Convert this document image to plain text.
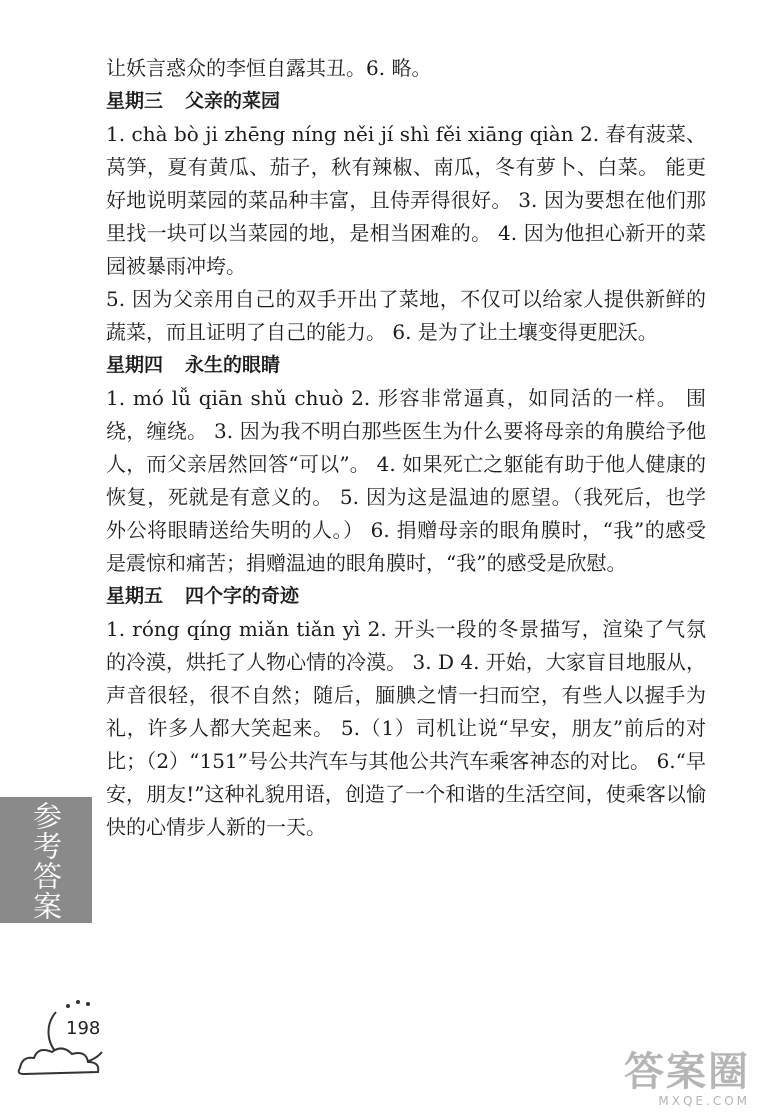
让妖言惑众的李恒自露其丑。6. 略。

星期三 父亲的菜园

1. chà bò ji zhēng níng něi jí shì fěi xiāng qiàn 2. 春有菠菜、莴笋，夏有黄瓜、茄子，秋有辣椒、南瓜，冬有萝卜、白菜。 能更好地说明菜园的菜品种丰富，且侍弄得很好。 3. 因为要想在他们那里找一块可以当菜园的地，是相当困难的。 4. 因为他担心新开的菜园被暴雨冲垮。

5. 因为父亲用自己的双手开出了菜地，不仅可以给家人提供新鲜的蔬菜，而且证明了自己的能力。 6. 是为了让土壤变得更肥沃。

星期四 永生的眼睛

1. mó lǚ qiān shǔ chuò 2. 形容非常逼真，如同活的一样。 围绕，缠绕。 3. 因为我不明白那些医生为什么要将母亲的角膜给予他人，而父亲居然回答“可以”。 4. 如果死亡之躯能有助于他人健康的恢复，死就是有意义的。 5. 因为这是温迪的愿望。（我死后，也学外公将眼睛送给失明的人。） 6. 捐赠母亲的眼角膜时，“我”的感受是震惊和痛苦；捐赠温迪的眼角膜时，“我”的感受是欣慰。

星期五 四个字的奇迹

1. róng qíng miǎn tiǎn yì 2. 开头一段的冬景描写，渲染了气氛的冷漠，烘托了人物心情的冷漠。 3. D 4. 开始，大家盲目地服从，声音很轻，很不自然；随后，腼腆之情一扫而空，有些人以握手为礼，许多人都大笑起来。 5.（1）司机让说“早安，朋友”前后的对比；（2）“151”号公共汽车与其他公共汽车乘客神态的对比。 6.“早安，朋友!”这种礼貌用语，创造了一个和谐的生活空间，使乘客以愉快的心情步人新的一天。

参考答案
198
答案圈
MXQE.COM
